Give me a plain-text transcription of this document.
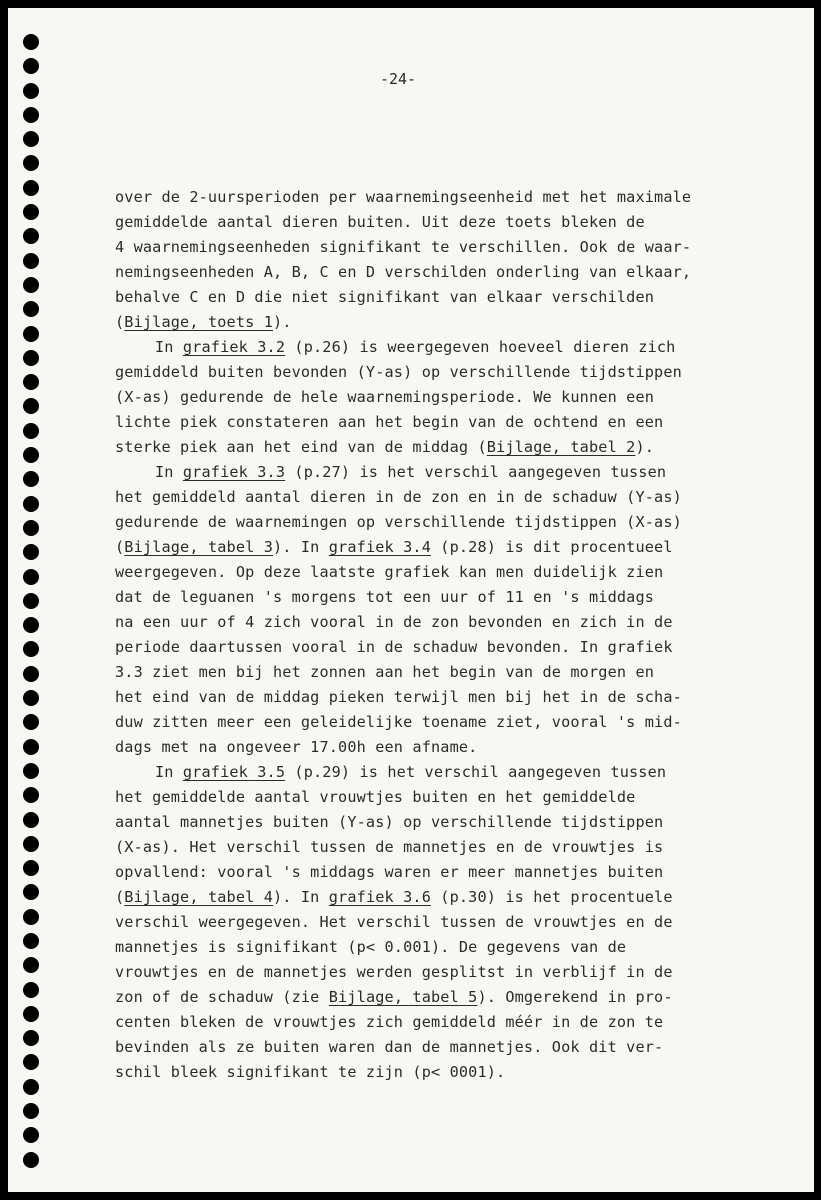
-24-
over de 2-uursperioden per waarnemingseenheid met het maximale
gemiddelde aantal dieren buiten. Uit deze toets bleken de
4 waarnemingseenheden signifikant te verschillen. Ook de waar-
nemingseenheden A, B, C en D verschilden onderling van elkaar,
behalve C en D die niet signifikant van elkaar verschilden
(Bijlage, toets 1).
In grafiek 3.2 (p.26) is weergegeven hoeveel dieren zich
gemiddeld buiten bevonden (Y-as) op verschillende tijdstippen
(X-as) gedurende de hele waarnemingsperiode. We kunnen een
lichte piek constateren aan het begin van de ochtend en een
sterke piek aan het eind van de middag (Bijlage, tabel 2).
In grafiek 3.3 (p.27) is het verschil aangegeven tussen
het gemiddeld aantal dieren in de zon en in de schaduw (Y-as)
gedurende de waarnemingen op verschillende tijdstippen (X-as)
(Bijlage, tabel 3). In grafiek 3.4 (p.28) is dit procentueel
weergegeven. Op deze laatste grafiek kan men duidelijk zien
dat de leguanen 's morgens tot een uur of 11 en 's middags
na een uur of 4 zich vooral in de zon bevonden en zich in de
periode daartussen vooral in de schaduw bevonden. In grafiek
3.3 ziet men bij het zonnen aan het begin van de morgen en
het eind van de middag pieken terwijl men bij het in de scha-
duw zitten meer een geleidelijke toename ziet, vooral 's mid-
dags met na ongeveer 17.00h een afname.
In grafiek 3.5 (p.29) is het verschil aangegeven tussen
het gemiddelde aantal vrouwtjes buiten en het gemiddelde
aantal mannetjes buiten (Y-as) op verschillende tijdstippen
(X-as). Het verschil tussen de mannetjes en de vrouwtjes is
opvallend: vooral 's middags waren er meer mannetjes buiten
(Bijlage, tabel 4). In grafiek 3.6 (p.30) is het procentuele
verschil weergegeven. Het verschil tussen de vrouwtjes en de
mannetjes is signifikant (p< 0.001). De gegevens van de
vrouwtjes en de mannetjes werden gesplitst in verblijf in de
zon of de schaduw (zie Bijlage, tabel 5). Omgerekend in pro-
centen bleken de vrouwtjes zich gemiddeld méér in de zon te
bevinden als ze buiten waren dan de mannetjes. Ook dit ver-
schil bleek signifikant te zijn (p< 0001).
